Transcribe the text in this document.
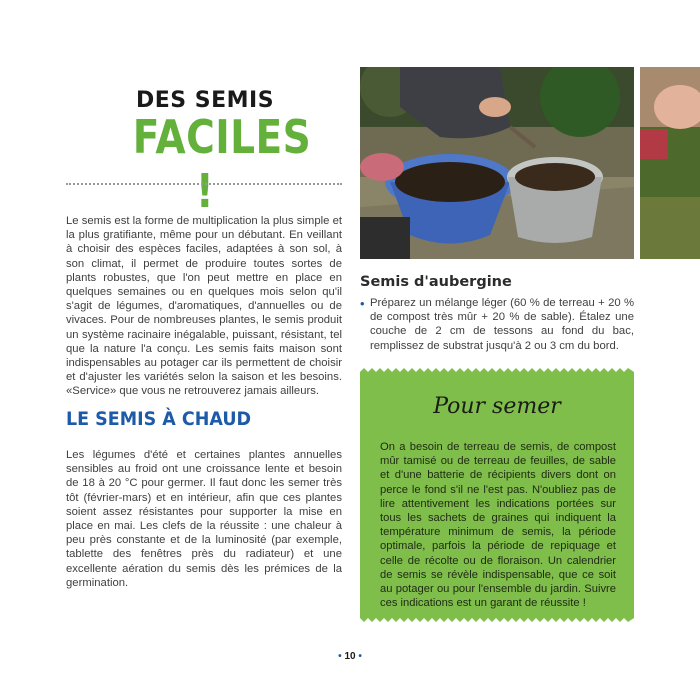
DES SEMIS
FACILES !
Le semis est la forme de multiplication la plus simple et la plus gratifiante, même pour un débutant. En veillant à choisir des espèces faciles, adaptées à son sol, à son climat, il permet de produire toutes sortes de plants robustes, que l'on peut mettre en place en quelques semaines ou en quelques mois selon qu'il s'agit de légumes, d'aromatiques, d'annuelles ou de vivaces. Pour de nombreuses plantes, le semis produit un système racinaire inégalable, puissant, résistant, tel que la nature l'a conçu. Les semis faits maison sont indispensables au potager car ils permettent de choisir et d'ajuster les variétés selon la saison et les besoins. «Service» que vous ne retrouverez jamais ailleurs.
LE SEMIS À CHAUD
Les légumes d'été et certaines plantes annuelles sensibles au froid ont une croissance lente et besoin de 18 à 20 °C pour germer. Il faut donc les semer très tôt (février-mars) et en intérieur, afin que ces plantes soient assez résistantes pour supporter la mise en place en mai. Les clefs de la réussite : une chaleur à peu près constante et de la luminosité (par exemple, tablette des fenêtres près du radiateur) et une excellente aération du semis dès les prémices de la germination.
Semis d'aubergine
• Préparez un mélange léger (60 % de terreau + 20 % de compost très mûr + 20 % de sable). Étalez une couche de 2 cm de tessons au fond du bac, remplissez de substrat jusqu'à 2 ou 3 cm du bord.
Pour semer
On a besoin de terreau de semis, de compost mûr tamisé ou de terreau de feuilles, de sable et d'une batterie de récipients divers dont on perce le fond s'il ne l'est pas. N'oubliez pas de lire attentivement les indications portées sur tous les sachets de graines qui indiquent la température minimum de semis, la période optimale, parfois la période de repiquage et celle de récolte ou de floraison. Un calendrier de semis se révèle indispensable, que ce soit au potager ou pour l'ensemble du jardin. Suivre ces indications est un garant de réussite !
• 10 •
